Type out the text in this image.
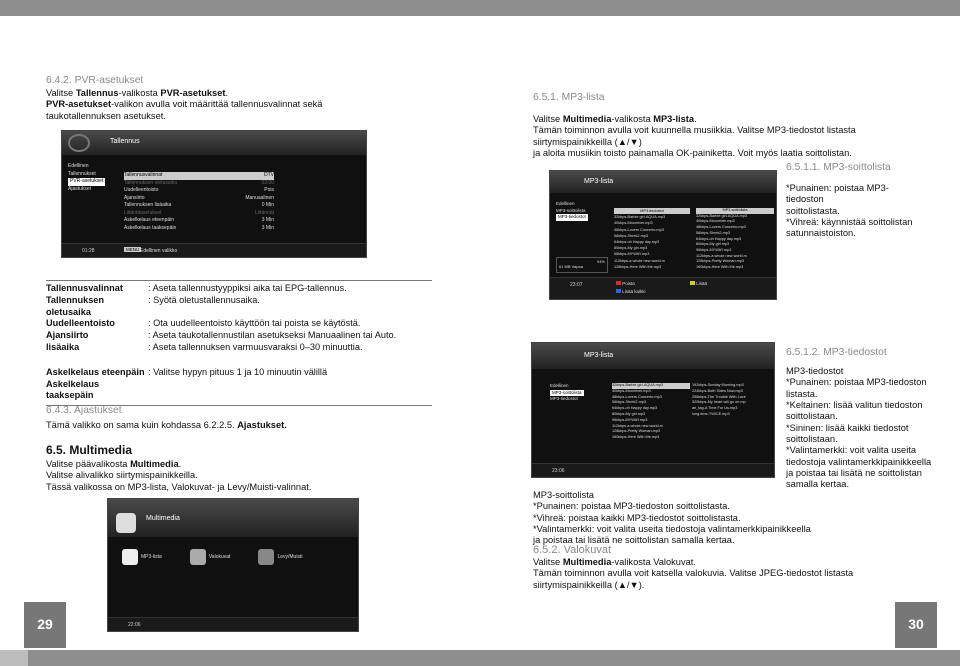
29	30
6.4.2. PVR-asetukset
Valitse Tallennus-valikosta PVR-asetukset.
PVR-asetukset-valikon avulla voit määrittää tallennusvalinnat sekä
taukotallennuksen asetukset.
Tallennus
Edellinen
Tallennukset
PVR-asetukset
Ajastukset
Tallennusvalinnat	DTV
Tallennuksen oletusaika	02:00
Uudelleentoisto	Pois
Ajansiirto	Manuaalinen
Tallennuksen lisäaika	0 Min
Liitäntäasetukset	Liitännät
Askelkelaus eteenpäin	3 Min
Askelkelaus taaksepäin	3 Min
01:28	MENU Edellinen valikko
Tallennusvalinnat	: Aseta tallennustyyppiksi aika tai EPG-tallennus.
Tallennuksen	: Syötä oletustallennusaika.
oletusaika	
Uudelleentoisto	: Ota uudelleentoisto käyttöön tai poista se käytöstä.
Ajansiirto	: Aseta taukotallennustilan asetukseksi Manuaalinen tai Auto.
lisäaika	: Aseta tallennuksen varmuusvaraksi 0–30 minuuttia.
Askelkelaus eteenpäin	: Valitse hypyn pituus 1 ja 10 minuutin välillä
Askelkelaus	
taaksepäin	
6.4.3. Ajastukset
Tämä valikko on sama kuin kohdassa 6.2.2.5. Ajastukset.
6.5. Multimedia
Valitse päävalikosta Multimedia.
Valitse alivalikko siirtymispainikkeilla.
Tässä valikossa on MP3-lista, Valokuvat- ja Levy/Muisti-valinnat.
Multimedia
MP3-lista	Valokuvat	Levy/Muisti
22:06
6.5.1. MP3-lista
Valitse Multimedia-valikosta MP3-lista.
Tämän toiminnon avulla voit kuunnella musiikkia. Valitse MP3-tiedostot listasta
siirtymispainikkeilla (▲/▼)
ja aloita musiikin toisto painamalla OK-painiketta. Voit myös laatia soittolistan.
MP3-lista
Edellinen
MP3-soittolista
MP3-tiedostot
MP3-tiedostot
32kbps-Barbie girl-AQUA.mp3
40kbps-Moonriver.mp3
48kbps-Lovers Concerto.mp3
56kbps-Shrek2.mp3
64kbps-oh Happy day.mp3
80kbps-My girl.mp3
96kbps-MYWAY.mp3
112kbps-a whole new world.m
128kbps-Here With Me.mp3
MP3-soittolista
32kbps-Barbie girl-AQUA.mp3
40kbps-Moonriver.mp3
48kbps-Lovers Concerto.mp3
56kbps-Shrek2.mp3
64kbps-oh Happy day.mp3
80kbps-My girl.mp3
96kbps-MYWAY.mp3
112kbps-a whole new world.m
128kbps-Pretty Woman.mp3
160kbps-Here With Me.mp3
94%
61 MB Vapaa
23:07	Poista	Lisää
Lisää kaikki
6.5.1.1. MP3-soittolista
*Punainen: poistaa MP3-
tiedoston
soittolistasta.
*Vihreä: käynnistää soittolistan
satunnaistoiston.
MP3-lista
Edellinen
MP3-soittolista
MP3-tiedostot
32kbps-Barbie girl-AQUA.mp3
40kbps-Moonriver.mp3
48kbps-Lovers Concerto.mp3
56kbps-Shrek2.mp3
64kbps-oh Happy day.mp3
80kbps-My girl.mp3
96kbps-MYWAY.mp3
112kbps-a whole new world.m
128kbps-Pretty Woman.mp3
160kbps-Here With Me.mp3
192kbps-Sunday Morning.mp3
224kbps-Both Sides Now.mp3
256kbps-The Trouble With Love
320kbps-My heart will go on.mp
ari_tag-A Time For Us.mp3
long-time-TWICE.mp3
23:06
6.5.1.2. MP3-tiedostot
MP3-tiedostot
*Punainen: poistaa MP3-tiedoston
listasta.
*Keltainen: lisää valitun tiedoston
soittolistaan.
*Sininen: lisää kaikki tiedostot
soittolistaan.
*Valintamerkki: voit valita useita
tiedostoja valintamerkkipainikkeella
ja poistaa tai lisätä ne soittolistan
samalla kertaa.
MP3-soittolista
*Punainen: poistaa MP3-tiedoston soittolistasta.
*Vihreä: poistaa kaikki MP3-tiedostot soittolistasta.
*Valintamerkki: voit valita useita tiedostoja valintamerkkipainikkeella
ja poistaa tai lisätä ne soittolistan samalla kertaa.
6.5.2. Valokuvat
Valitse Multimedia-valikosta Valokuvat.
Tämän toiminnon avulla voit katsella valokuvia. Valitse JPEG-tiedostot listasta
siirtymispainikkeilla (▲/▼).
